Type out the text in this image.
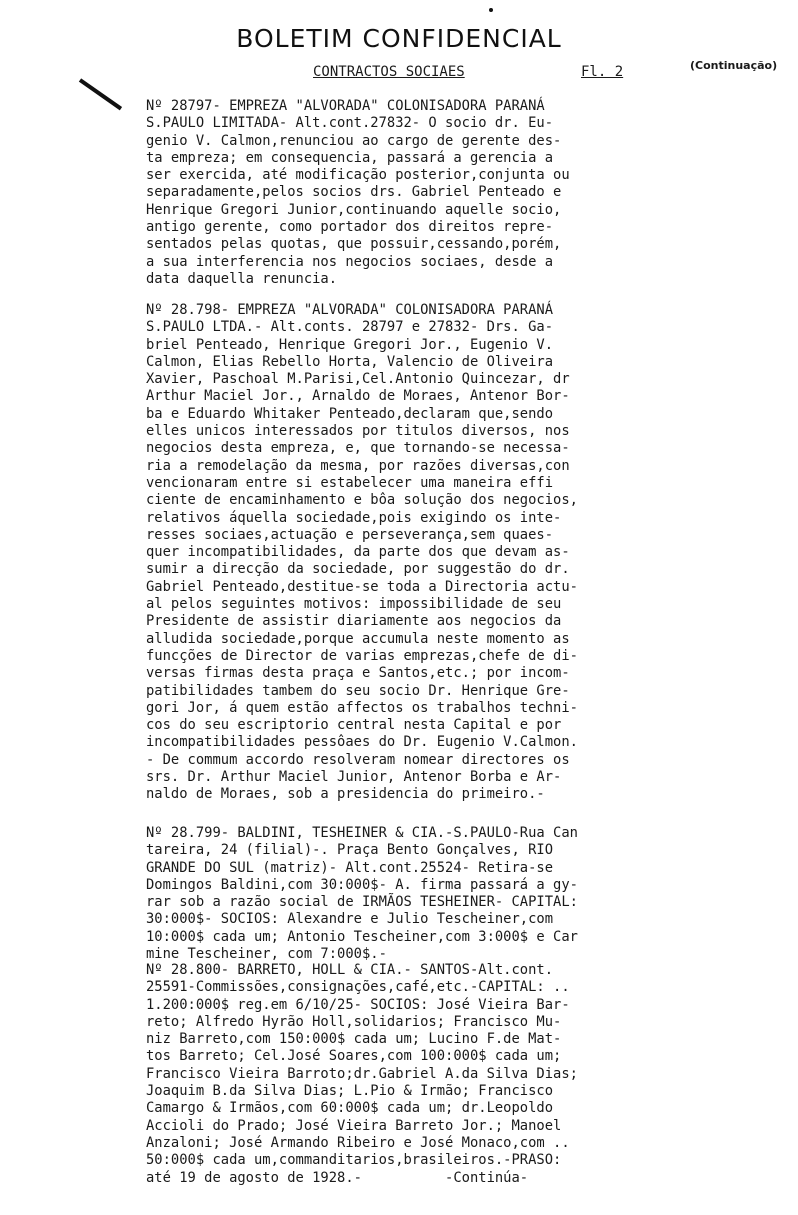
BOLETIM CONFIDENCIAL
CONTRACTOS SOCIAES	Fl. 2	(Continuação)
Nº 28797- EMPREZA "ALVORADA" COLONISADORA PARANÁ
S.PAULO LIMITADA- Alt.cont.27832- O socio dr. Eu-
genio V. Calmon,renunciou ao cargo de gerente des-
ta empreza; em consequencia, passará a gerencia a
ser exercida, até modificação posterior,conjunta ou
separadamente,pelos socios drs. Gabriel Penteado e
Henrique Gregori Junior,continuando aquelle socio,
antigo gerente, como portador dos direitos repre-
sentados pelas quotas, que possuir,cessando,porém,
a sua interferencia nos negocios sociaes, desde a
data daquella renuncia.
Nº 28.798- EMPREZA "ALVORADA" COLONISADORA PARANÁ
S.PAULO LTDA.- Alt.conts. 28797 e 27832- Drs. Ga-
briel Penteado, Henrique Gregori Jor., Eugenio V.
Calmon, Elias Rebello Horta, Valencio de Oliveira
Xavier, Paschoal M.Parisi,Cel.Antonio Quincezar, dr
Arthur Maciel Jor., Arnaldo de Moraes, Antenor Bor-
ba e Eduardo Whitaker Penteado,declaram que,sendo
elles unicos interessados por titulos diversos, nos
negocios desta empreza, e, que tornando-se necessa-
ria a remodelação da mesma, por razões diversas,con
vencionaram entre si estabelecer uma maneira effi
ciente de encaminhamento e bôa solução dos negocios,
relativos áquella sociedade,pois exigindo os inte-
resses sociaes,actuação e perseverança,sem quaes-
quer incompatibilidades, da parte dos que devam as-
sumir a direcção da sociedade, por suggestão do dr.
Gabriel Penteado,destitue-se toda a Directoria actu-
al pelos seguintes motivos: impossibilidade de seu
Presidente de assistir diariamente aos negocios da
alludida sociedade,porque accumula neste momento as
funcções de Director de varias emprezas,chefe de di-
versas firmas desta praça e Santos,etc.; por incom-
patibilidades tambem do seu socio Dr. Henrique Gre-
gori Jor, á quem estão affectos os trabalhos techni-
cos do seu escriptorio central nesta Capital e por
incompatibilidades pessôaes do Dr. Eugenio V.Calmon.
- De commum accordo resolveram nomear directores os
srs. Dr. Arthur Maciel Junior, Antenor Borba e Ar-
naldo de Moraes, sob a presidencia do primeiro.-
Nº 28.799- BALDINI, TESHEINER & CIA.-S.PAULO-Rua Can
tareira, 24 (filial)-. Praça Bento Gonçalves, RIO
GRANDE DO SUL (matriz)- Alt.cont.25524- Retira-se
Domingos Baldini,com 30:000$- A. firma passará a gy-
rar sob a razão social de IRMÃOS TESHEINER- CAPITAL:
30:000$- SOCIOS: Alexandre e Julio Tescheiner,com
10:000$ cada um; Antonio Tescheiner,com 3:000$ e Car
mine Tescheiner, com 7:000$.-
Nº 28.800- BARRETO, HOLL & CIA.- SANTOS-Alt.cont.
25591-Commissões,consignações,café,etc.-CAPITAL: ..
1.200:000$ reg.em 6/10/25- SOCIOS: José Vieira Bar-
reto; Alfredo Hyrão Holl,solidarios; Francisco Mu-
niz Barreto,com 150:000$ cada um; Lucino F.de Mat-
tos Barreto; Cel.José Soares,com 100:000$ cada um;
Francisco Vieira Barroto;dr.Gabriel A.da Silva Dias;
Joaquim B.da Silva Dias; L.Pio & Irmão; Francisco
Camargo & Irmãos,com 60:000$ cada um; dr.Leopoldo
Accioli do Prado; José Vieira Barreto Jor.; Manoel
Anzaloni; José Armando Ribeiro e José Monaco,com ..
50:000$ cada um,commanditarios,brasileiros.-PRASO:
até 19 de agosto de 1928.-          -Continúa-
